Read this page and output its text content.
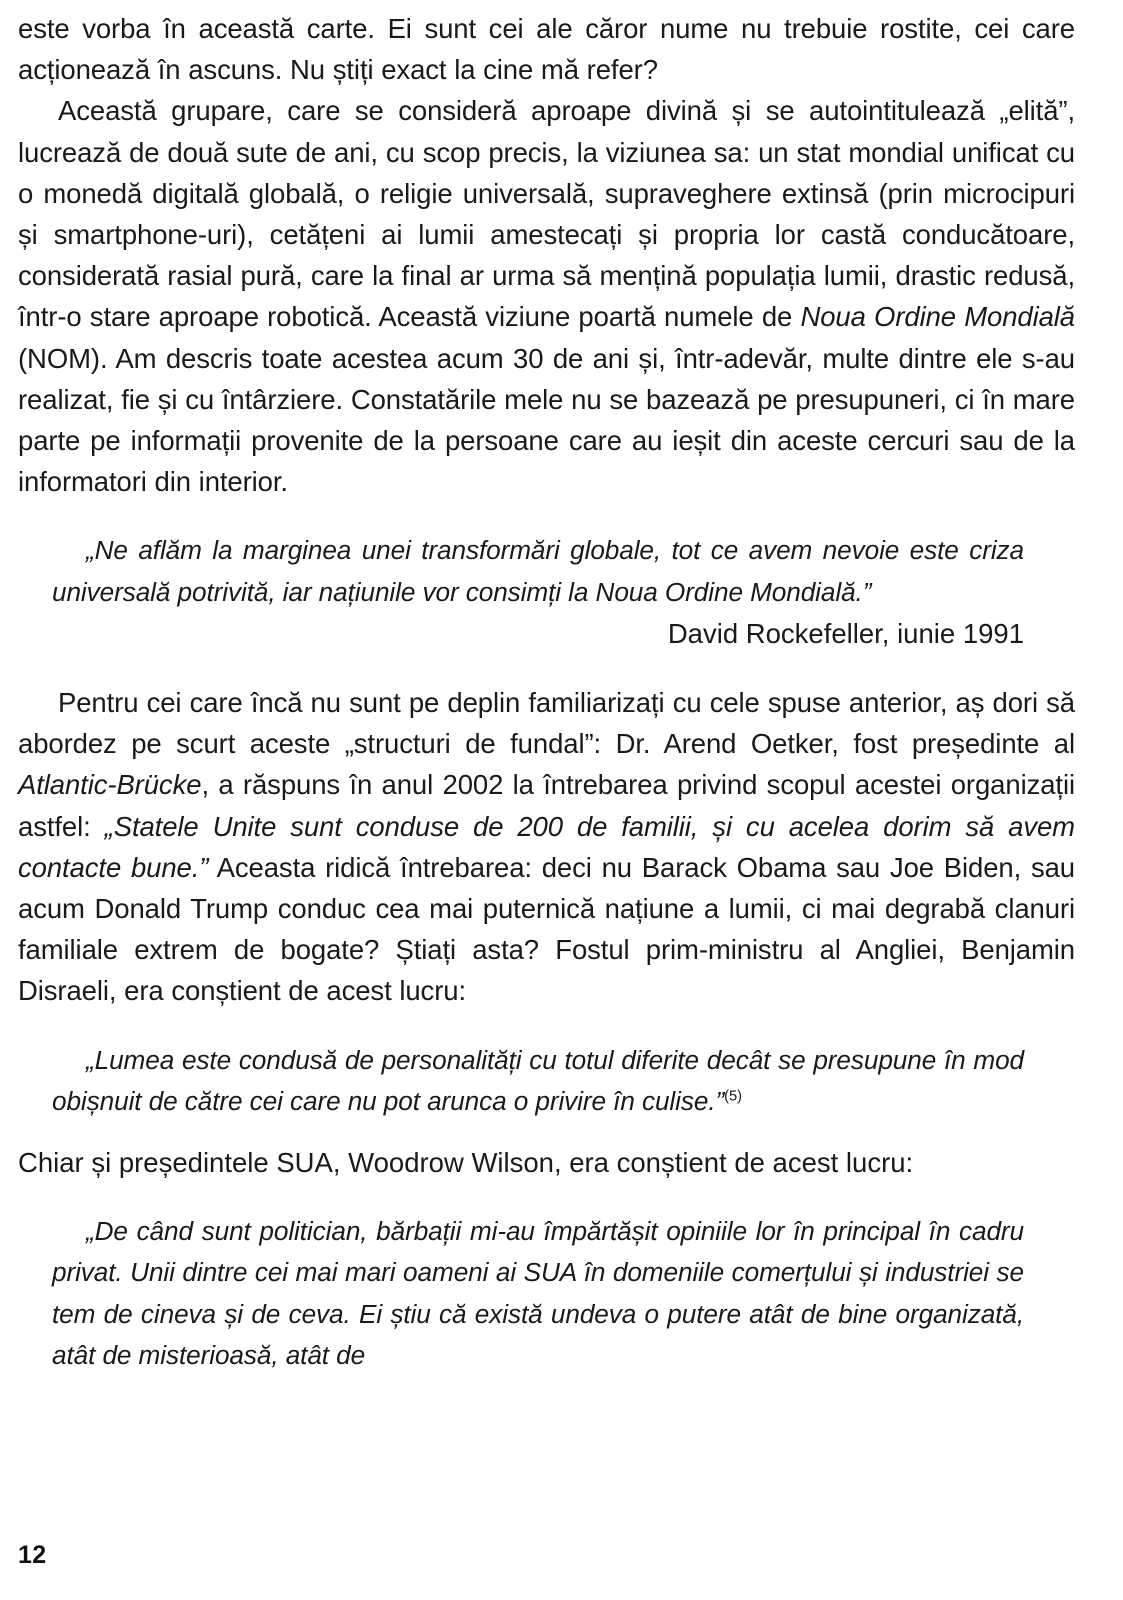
este vorba în această carte. Ei sunt cei ale căror nume nu trebuie rostite, cei care acționează în ascuns. Nu știți exact la cine mă refer?

Această grupare, care se consideră aproape divină și se autointitulează „elită”, lucrează de două sute de ani, cu scop precis, la viziunea sa: un stat mondial unificat cu o monedă digitală globală, o religie universală, supraveghere extinsă (prin microcipuri și smartphone-uri), cetățeni ai lumii amestecați și propria lor castă conducătoare, considerată rasial pură, care la final ar urma să mențină populația lumii, drastic redusă, într-o stare aproape robotică. Această viziune poartă numele de Noua Ordine Mondială (NOM). Am descris toate acestea acum 30 de ani și, într-adevăr, multe dintre ele s-au realizat, fie și cu întârziere. Constatările mele nu se bazează pe presupuneri, ci în mare parte pe informații provenite de la persoane care au ieșit din aceste cercuri sau de la informatori din interior.

„Ne aflăm la marginea unei transformări globale, tot ce avem nevoie este criza universală potrivită, iar națiunile vor consimți la Noua Ordine Mondială.”

David Rockefeller, iunie 1991

Pentru cei care încă nu sunt pe deplin familiarizați cu cele spuse anterior, aș dori să abordez pe scurt aceste „structuri de fundal”: Dr. Arend Oetker, fost președinte al Atlantic-Brücke, a răspuns în anul 2002 la întrebarea privind scopul acestei organizații astfel: „Statele Unite sunt conduse de 200 de familii, și cu acelea dorim să avem contacte bune.” Aceasta ridică întrebarea: deci nu Barack Obama sau Joe Biden, sau acum Donald Trump conduc cea mai puternică națiune a lumii, ci mai degrabă clanuri familiale extrem de bogate? Știați asta? Fostul prim-ministru al Angliei, Benjamin Disraeli, era conștient de acest lucru:

„Lumea este condusă de personalități cu totul diferite decât se presupune în mod obișnuit de către cei care nu pot arunca o privire în culise.”$^{(5)}$

Chiar și președintele SUA, Woodrow Wilson, era conștient de acest lucru:

„De când sunt politician, bărbații mi-au împărtășit opiniile lor în principal în cadru privat. Unii dintre cei mai mari oameni ai SUA în domeniile comerțului și industriei se tem de cineva și de ceva. Ei știu că există undeva o putere atât de bine organizată, atât de misterioasă, atât de

12
